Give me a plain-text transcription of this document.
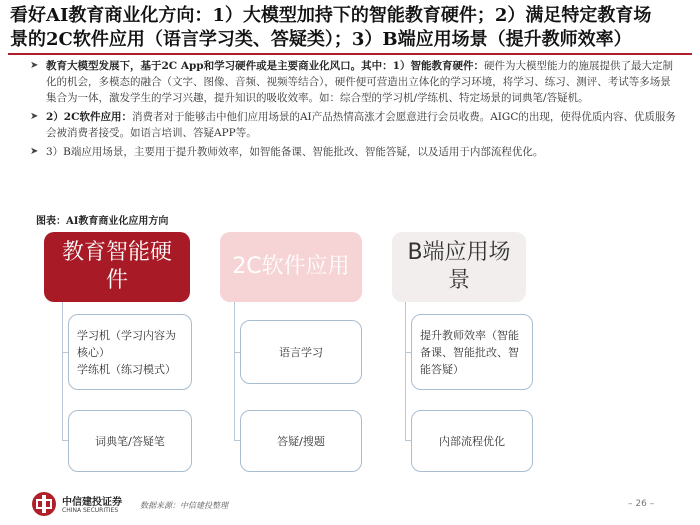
看好AI教育商业化方向：1）大模型加持下的智能教育硬件；2）满足特定教育场
景的2C软件应用（语言学习类、答疑类）；3）B端应用场景（提升教师效率）
➤ 教育大模型发展下，基于2C App和学习硬件或是主要商业化风口。其中：1）智能教育硬件：硬件为大模型能力的施展提供了最大定制化的机会，多模态的融合（文字、图像、音频、视频等结合），硬件便可营造出立体化的学习环境，将学习、练习、测评、考试等多场景集合为一体，激发学生的学习兴趣，提升知识的吸收效率。如：综合型的学习机/学练机、特定场景的词典笔/答疑机。
➤ 2）2C软件应用：消费者对于能够击中他们应用场景的AI产品热情高涨才会愿意进行会员收费。AIGC的出现，使得优质内容、优质服务会被消费者接受。如语言培训、答疑APP等。
➤ 3）B端应用场景，主要用于提升教师效率，如智能备课、智能批改、智能答疑，以及适用于内部流程优化。
图表：AI教育商业化应用方向
教育智能硬件
2C软件应用
B端应用场景
学习机（学习内容为核心）
学练机（练习模式）
词典笔/答疑笔
语言学习
答疑/搜题
提升教师效率（智能备课、智能批改、智能答疑）
内部流程优化
中信建投证券
CHINA SECURITIES
数据来源：中信建投整理	– 26 –
